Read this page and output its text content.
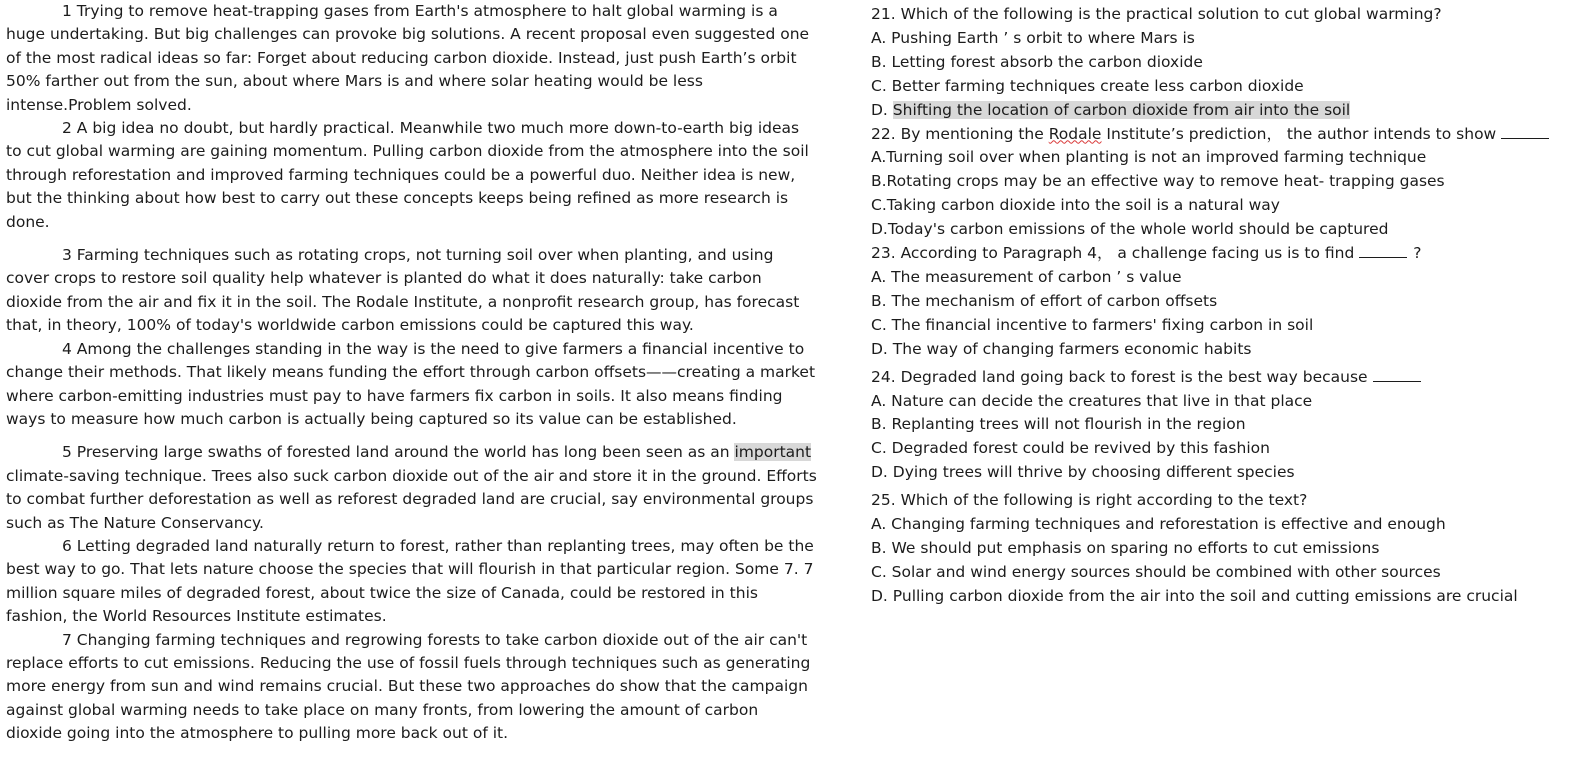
1 Trying to remove heat-trapping gases from Earth's atmosphere to halt global warming is a huge undertaking. But big challenges can provoke big solutions. A recent proposal even suggested one of the most radical ideas so far: Forget about reducing carbon dioxide. Instead, just push Earth’s orbit 50% farther out from the sun, about where Mars is and where solar heating would be less intense.Problem solved.

2 A big idea no doubt, but hardly practical. Meanwhile two much more down-to-earth big ideas to cut global warming are gaining momentum. Pulling carbon dioxide from the atmosphere into the soil through reforestation and improved farming techniques could be a powerful duo. Neither idea is new, but the thinking about how best to carry out these concepts keeps being refined as more research is done.

3 Farming techniques such as rotating crops, not turning soil over when planting, and using cover crops to restore soil quality help whatever is planted do what it does naturally: take carbon dioxide from the air and fix it in the soil. The Rodale Institute, a nonprofit research group, has forecast that, in theory, 100% of today's worldwide carbon emissions could be captured this way.

4 Among the challenges standing in the way is the need to give farmers a financial incentive to change their methods. That likely means funding the effort through carbon offsets——creating a market where carbon-emitting industries must pay to have farmers fix carbon in soils. It also means finding ways to measure how much carbon is actually being captured so its value can be established.

5 Preserving large swaths of forested land around the world has long been seen as an important climate-saving technique. Trees also suck carbon dioxide out of the air and store it in the ground. Efforts to combat further deforestation as well as reforest degraded land are crucial, say environmental groups such as The Nature Conservancy.

6 Letting degraded land naturally return to forest, rather than replanting trees, may often be the best way to go. That lets nature choose the species that will flourish in that particular region. Some 7. 7 million square miles of degraded forest, about twice the size of Canada, could be restored in this fashion, the World Resources Institute estimates.

7 Changing farming techniques and regrowing forests to take carbon dioxide out of the air can't replace efforts to cut emissions. Reducing the use of fossil fuels through techniques such as generating more energy from sun and wind remains crucial. But these two approaches do show that the campaign against global warming needs to take place on many fronts, from lowering the amount of carbon dioxide going into the atmosphere to pulling more back out of it.

21. Which of the following is the practical solution to cut global warming?

A. Pushing Earth ’ s orbit to where Mars is

B. Letting forest absorb the carbon dioxide

C. Better farming techniques create less carbon dioxide

D. Shifting the location of carbon dioxide from air into the soil

22. By mentioning the Rodale Institute’s prediction， the author intends to show

A.Turning soil over when planting is not an improved farming technique

B.Rotating crops may be an effective way to remove heat- trapping gases

C.Taking carbon dioxide into the soil is a natural way

D.Today's carbon emissions of the whole world should be captured

23. According to Paragraph 4， a challenge facing us is to find	?

A. The measurement of carbon ’ s value

B. The mechanism of effort of carbon offsets

C. The financial incentive to farmers' fixing carbon in soil

D. The way of changing farmers economic habits

24. Degraded land going back to forest is the best way because

A. Nature can decide the creatures that live in that place

B. Replanting trees will not flourish in the region

C. Degraded forest could be revived by this fashion

D. Dying trees will thrive by choosing different species

25. Which of the following is right according to the text?

A. Changing farming techniques and reforestation is effective and enough

B. We should put emphasis on sparing no efforts to cut emissions

C. Solar and wind energy sources should be combined with other sources

D. Pulling carbon dioxide from the air into the soil and cutting emissions are crucial
